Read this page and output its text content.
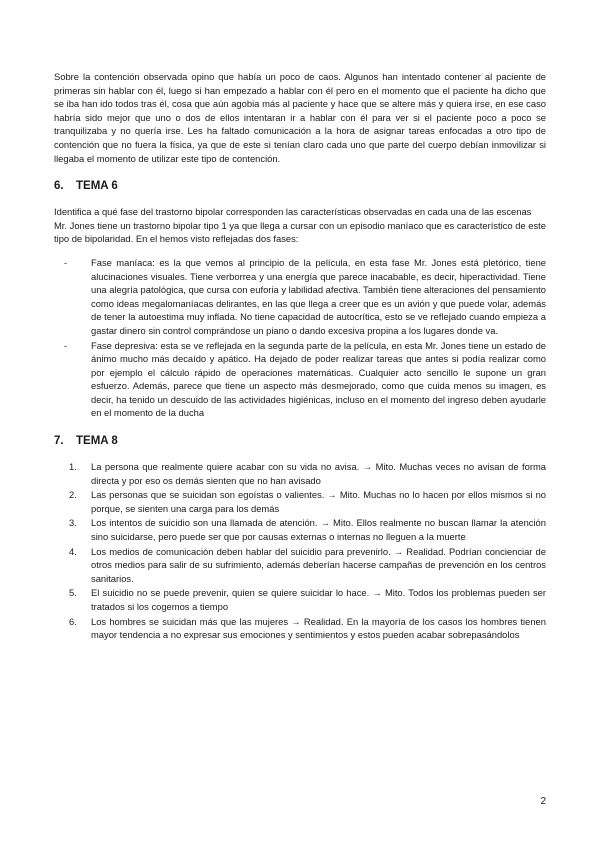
Sobre la contención observada opino que había un poco de caos. Algunos han intentado contener al paciente de primeras sin hablar con él, luego si han empezado a hablar con él pero en el momento que el paciente ha dicho que se iba han ido todos tras él, cosa que aún agobia más al paciente y hace que se altere más y quiera irse, en ese caso habría sido mejor que uno o dos de ellos intentaran ir a hablar con él para ver si el paciente poco a poco se tranquilizaba y no quería irse. Les ha faltado comunicación a la hora de asignar tareas enfocadas a otro tipo de contención que no fuera la física, ya que de este si tenían claro cada uno que parte del cuerpo debían inmovilizar si llegaba el momento de utilizar este tipo de contención.

6. TEMA 6

Identifica a qué fase del trastorno bipolar corresponden las características observadas en cada una de las escenas

Mr. Jones tiene un trastorno bipolar tipo 1 ya que llega a cursar con un episodio maníaco que es característico de este tipo de bipolaridad. En el hemos visto reflejadas dos fases:

-	Fase maníaca: es la que vemos al principio de la película, en esta fase Mr. Jones está pletórico, tiene alucinaciones visuales. Tiene verborrea y una energía que parece inacabable, es decir, hiperactividad. Tiene una alegría patológica, que cursa con euforia y labilidad afectiva. También tiene alteraciones del pensamiento como ideas megalomaníacas delirantes, en las que llega a creer que es un avión y que puede volar, además de tener la autoestima muy inflada. No tiene capacidad de autocrítica, esto se ve reflejado cuando empieza a gastar dinero sin control comprándose un piano o dando excesiva propina a los lugares donde va.
-	Fase depresiva: esta se ve reflejada en la segunda parte de la película, en esta Mr. Jones tiene un estado de ánimo mucho más decaído y apático. Ha dejado de poder realizar tareas que antes si podía realizar como por ejemplo el cálculo rápido de operaciones matemáticas. Cualquier acto sencillo le supone un gran esfuerzo. Además, parece que tiene un aspecto más desmejorado, como que cuida menos su imagen, es decir, ha tenido un descuido de las actividades higiénicas, incluso en el momento del ingreso deben ayudarle en el momento de la ducha
7. TEMA 8
1. La persona que realmente quiere acabar con su vida no avisa. → Mito. Muchas veces no avisan de forma directa y por eso os demás sienten que no han avisado
2. Las personas que se suicidan son egoístas o valientes. → Mito. Muchas no lo hacen por ellos mismos si no porque, se sienten una carga para los demás
3. Los intentos de suicidio son una llamada de atención. → Mito. Ellos realmente no buscan llamar la atención sino suicidarse, pero puede ser que por causas externas o internas no lleguen a la muerte
4. Los medios de comunicación deben hablar del suicidio para prevenirlo. → Realidad. Podrían concienciar de otros medios para salir de su sufrimiento, además deberían hacerse campañas de prevención en los centros sanitarios.
5. El suicidio no se puede prevenir, quien se quiere suicidar lo hace. → Mito. Todos los problemas pueden ser tratados si los cogemos a tiempo
6. Los hombres se suicidan más que las mujeres → Realidad. En la mayoría de los casos los hombres tienen mayor tendencia a no expresar sus emociones y sentimientos y estos pueden acabar sobrepasándolos
2
